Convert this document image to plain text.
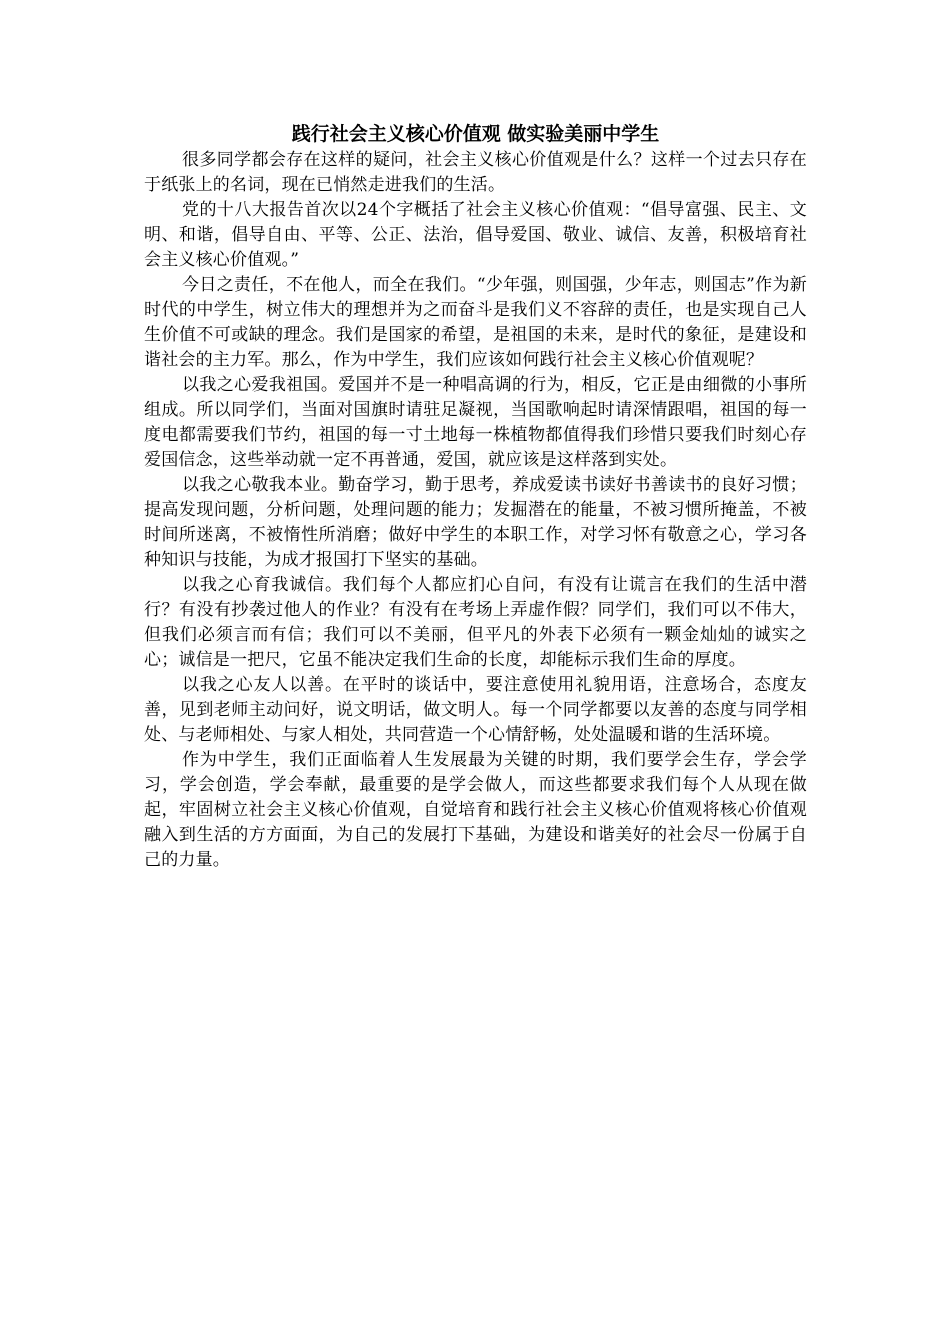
践行社会主义核心价值观 做实验美丽中学生

很多同学都会存在这样的疑问，社会主义核心价值观是什么？这样一个过去只存在于纸张上的名词，现在已悄然走进我们的生活。

党的十八大报告首次以24个字概括了社会主义核心价值观：“倡导富强、民主、文明、和谐，倡导自由、平等、公正、法治，倡导爱国、敬业、诚信、友善，积极培育社会主义核心价值观。”

今日之责任，不在他人，而全在我们。“少年强，则国强，少年志，则国志”作为新时代的中学生，树立伟大的理想并为之而奋斗是我们义不容辞的责任，也是实现自己人生价值不可或缺的理念。我们是国家的希望，是祖国的未来，是时代的象征，是建设和谐社会的主力军。那么，作为中学生，我们应该如何践行社会主义核心价值观呢？

以我之心爱我祖国。爱国并不是一种唱高调的行为，相反，它正是由细微的小事所组成。所以同学们，当面对国旗时请驻足凝视，当国歌响起时请深情跟唱，祖国的每一度电都需要我们节约，祖国的每一寸土地每一株植物都值得我们珍惜只要我们时刻心存爱国信念，这些举动就一定不再普通，爱国，就应该是这样落到实处。

以我之心敬我本业。勤奋学习，勤于思考，养成爱读书读好书善读书的良好习惯；提高发现问题，分析问题，处理问题的能力；发掘潜在的能量，不被习惯所掩盖，不被时间所迷离，不被惰性所消磨；做好中学生的本职工作，对学习怀有敬意之心，学习各种知识与技能，为成才报国打下坚实的基础。

以我之心育我诚信。我们每个人都应扪心自问，有没有让谎言在我们的生活中潜行？有没有抄袭过他人的作业？有没有在考场上弄虚作假？同学们，我们可以不伟大，但我们必须言而有信；我们可以不美丽，但平凡的外表下必须有一颗金灿灿的诚实之心；诚信是一把尺，它虽不能决定我们生命的长度，却能标示我们生命的厚度。

以我之心友人以善。在平时的谈话中，要注意使用礼貌用语，注意场合，态度友善，见到老师主动问好，说文明话，做文明人。每一个同学都要以友善的态度与同学相处、与老师相处、与家人相处，共同营造一个心情舒畅，处处温暖和谐的生活环境。

作为中学生，我们正面临着人生发展最为关键的时期，我们要学会生存，学会学习，学会创造，学会奉献，最重要的是学会做人，而这些都要求我们每个人从现在做起，牢固树立社会主义核心价值观，自觉培育和践行社会主义核心价值观将核心价值观融入到生活的方方面面，为自己的发展打下基础，为建设和谐美好的社会尽一份属于自己的力量。
